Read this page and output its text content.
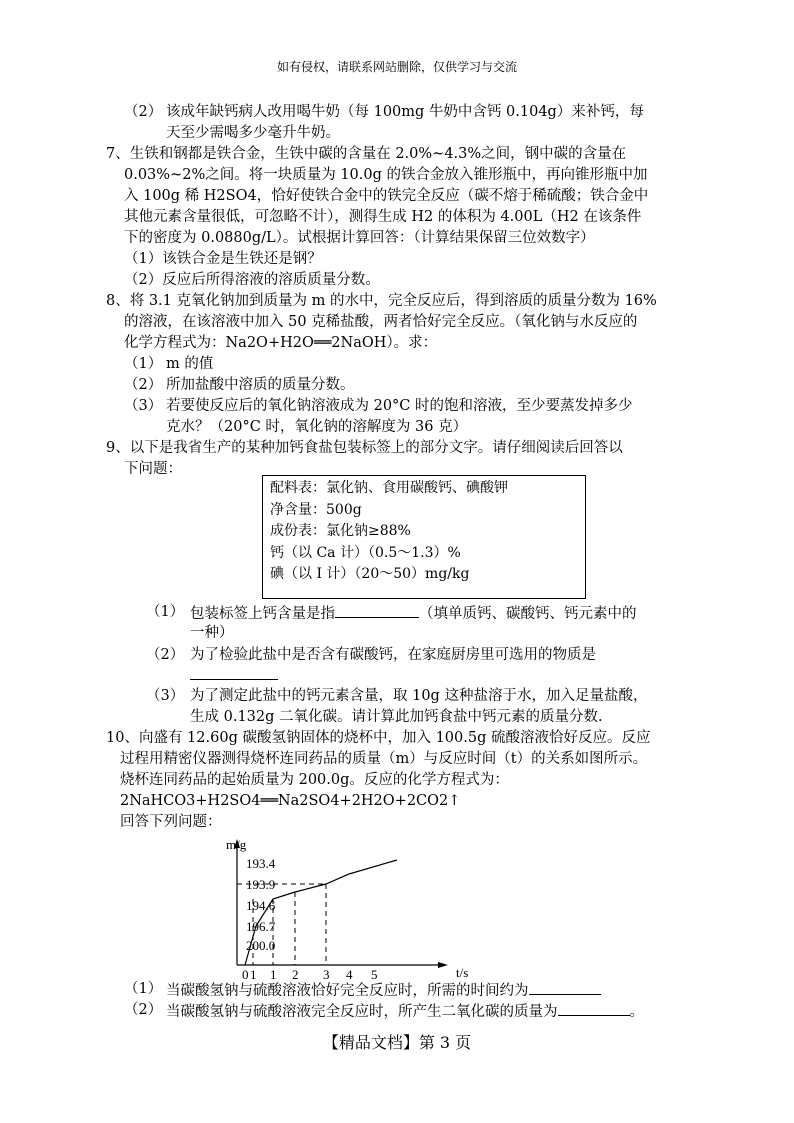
如有侵权，请联系网站删除，仅供学习与交流
（2） 该成年缺钙病人改用喝牛奶（每 100mg 牛奶中含钙 0.104g）来补钙，每
天至少需喝多少毫升牛奶。
7、生铁和钢都是铁合金，生铁中碳的含量在 2.0%~4.3%之间，钢中碳的含量在
0.03%~2%之间。将一块质量为 10.0g 的铁合金放入锥形瓶中，再向锥形瓶中加
入 100g 稀 H2SO4，恰好使铁合金中的铁完全反应（碳不熔于稀硫酸；铁合金中
其他元素含量很低，可忽略不计），测得生成 H2 的体积为 4.00L（H2 在该条件
下的密度为 0.0880g/L）。试根据计算回答：（计算结果保留三位效数字）
（1）该铁合金是生铁还是钢？
（2）反应后所得溶液的溶质质量分数。
8、将 3.1 克氧化钠加到质量为 m 的水中，完全反应后，得到溶质的质量分数为 16%
的溶液，在该溶液中加入 50 克稀盐酸，两者恰好完全反应。（氧化钠与水反应的
化学方程式为：Na2O+H2O══2NaOH）。求：
（1） m 的值
（2） 所加盐酸中溶质的质量分数。
（3） 若要使反应后的氧化钠溶液成为 20°C 时的饱和溶液，至少要蒸发掉多少
克水？（20°C 时，氧化钠的溶解度为 36 克）
9、以下是我省生产的某种加钙食盐包装标签上的部分文字。请仔细阅读后回答以
下问题：
配料表：氯化钠、食用碳酸钙、碘酸钾
净含量：500g
成份表：氯化钠≥88%
钙（以 Ca 计）（0.5～1.3）%
碘（以 I 计）（20～50）mg/kg
（1） 包装标签上钙含量是指	（填单质钙、碳酸钙、钙元素中的
一种）
（2） 为了检验此盐中是否含有碳酸钙，在家庭厨房里可选用的物质是
（3） 为了测定此盐中的钙元素含量，取 10g 这种盐溶于水，加入足量盐酸，
生成 0.132g 二氧化碳。请计算此加钙食盐中钙元素的质量分数.
10、向盛有 12.60g 碳酸氢钠固体的烧杯中，加入 100.5g 硫酸溶液恰好反应。反应
过程用精密仪器测得烧杯连同药品的质量（m）与反应时间（t）的关系如图所示。
烧杯连同药品的起始质量为 200.0g。反应的化学方程式为：
2NaHCO3+H2SO4══Na2SO4+2H2O+2CO2↑
回答下列问题：
m/g
t/s
193.4
193.9
194.6
196.7
200.0
0 1 1 2 3 4 5
（1） 当碳酸氢钠与硫酸溶液恰好完全反应时，所需的时间约为
（2） 当碳酸氢钠与硫酸溶液完全反应时，所产生二氧化碳的质量为	。
【精品文档】第 3 页
